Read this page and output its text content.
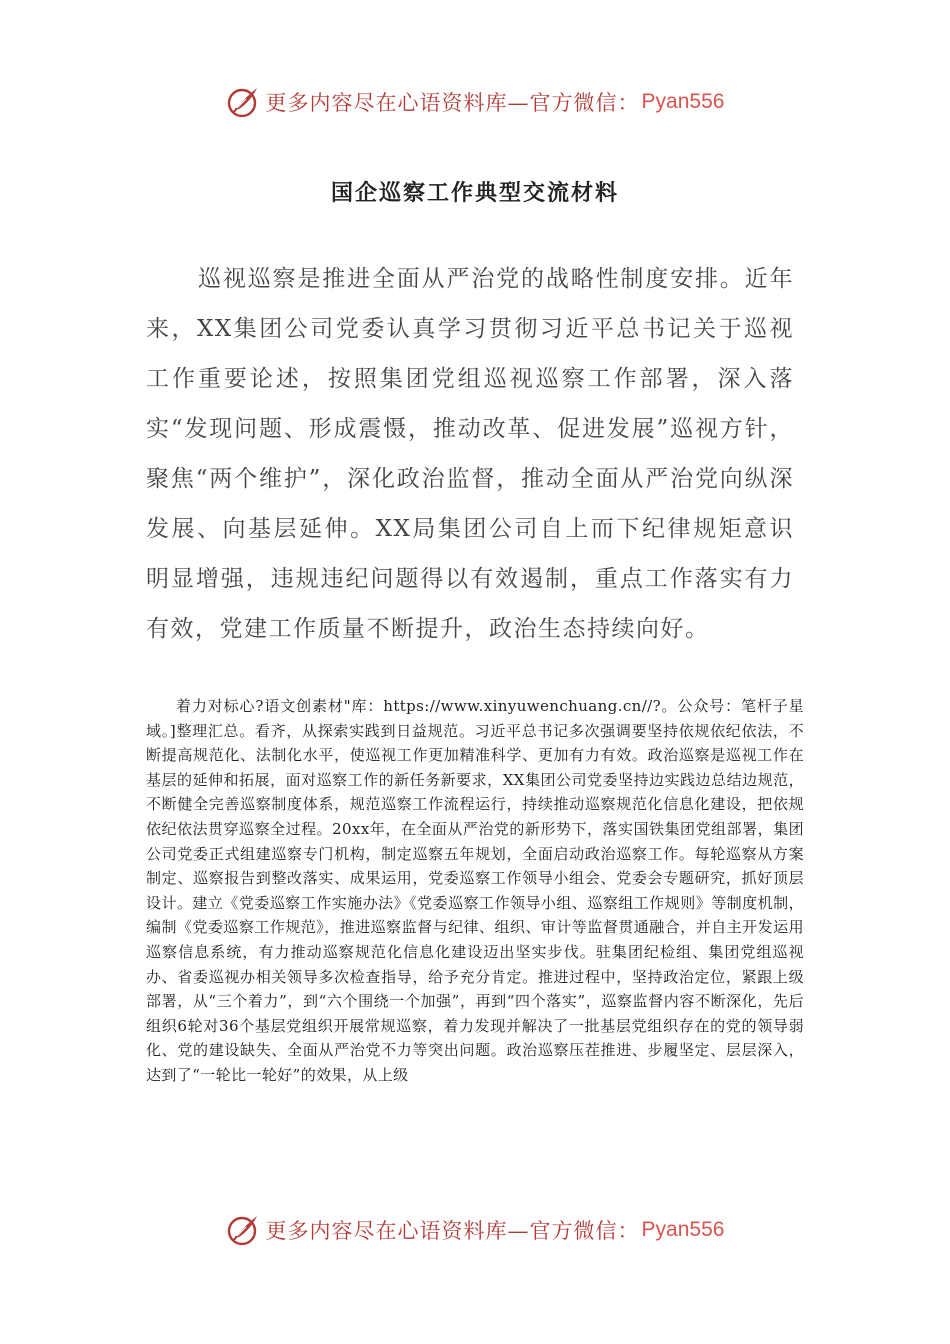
更多内容尽在心语资料库—官方微信： Pyan556
国企巡察工作典型交流材料

巡视巡察是推进全面从严治党的战略性制度安排。近年来，XX集团公司党委认真学习贯彻习近平总书记关于巡视工作重要论述，按照集团党组巡视巡察工作部署，深入落实“发现问题、形成震慑，推动改革、促进发展”巡视方针，聚焦“两个维护”，深化政治监督，推动全面从严治党向纵深发展、向基层延伸。XX局集团公司自上而下纪律规矩意识明显增强，违规违纪问题得以有效遏制，重点工作落实有力有效，党建工作质量不断提升，政治生态持续向好。

着力对标心?语文创素材"库：https://www.xinyuwenchuang.cn//?。公众号：笔杆子星域。]整理汇总。看齐，从探索实践到日益规范。习近平总书记多次强调要坚持依规依纪依法，不断提高规范化、法制化水平，使巡视工作更加精准科学、更加有力有效。政治巡察是巡视工作在基层的延伸和拓展，面对巡察工作的新任务新要求，XX集团公司党委坚持边实践边总结边规范，不断健全完善巡察制度体系，规范巡察工作流程运行，持续推动巡察规范化信息化建设，把依规依纪依法贯穿巡察全过程。20xx年，在全面从严治党的新形势下，落实国铁集团党组部署，集团公司党委正式组建巡察专门机构，制定巡察五年规划，全面启动政治巡察工作。每轮巡察从方案制定、巡察报告到整改落实、成果运用，党委巡察工作领导小组会、党委会专题研究，抓好顶层设计。建立《党委巡察工作实施办法》《党委巡察工作领导小组、巡察组工作规则》等制度机制，编制《党委巡察工作规范》，推进巡察监督与纪律、组织、审计等监督贯通融合，并自主开发运用巡察信息系统，有力推动巡察规范化信息化建设迈出坚实步伐。驻集团纪检组、集团党组巡视办、省委巡视办相关领导多次检查指导，给予充分肯定。推进过程中，坚持政治定位，紧跟上级部署，从“三个着力”，到“六个围绕一个加强”，再到“四个落实”，巡察监督内容不断深化，先后组织6轮对36个基层党组织开展常规巡察，着力发现并解决了一批基层党组织存在的党的领导弱化、党的建设缺失、全面从严治党不力等突出问题。政治巡察压茬推进、步履坚定、层层深入，达到了“一轮比一轮好”的效果，从上级

更多内容尽在心语资料库—官方微信： Pyan556
